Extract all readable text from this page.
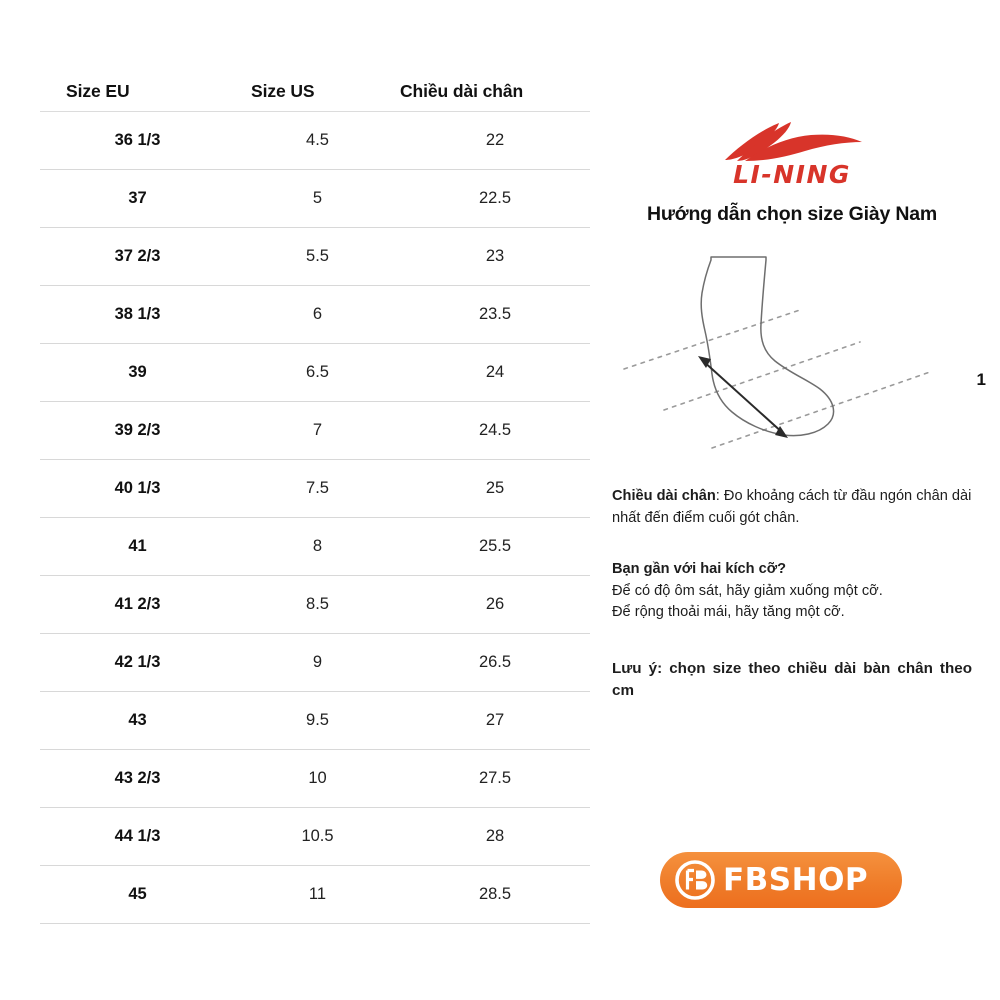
Size EU	Size US	Chiều dài chân
36 1/3	4.5	22
37	5	22.5
37 2/3	5.5	23
38 1/3	6	23.5
39	6.5	24
39 2/3	7	24.5
40 1/3	7.5	25
41	8	25.5
41 2/3	8.5	26
42 1/3	9	26.5
43	9.5	27
43 2/3	10	27.5
44 1/3	10.5	28
45	11	28.5
LI-NING
Hướng dẫn chọn size Giày Nam
1
Chiều dài chân: Đo khoảng cách từ đầu ngón chân dài nhất đến điểm cuối gót chân.
Bạn gần với hai kích cỡ?
Để có độ ôm sát, hãy giảm xuống một cỡ.
Để rộng thoải mái, hãy tăng một cỡ.
Lưu ý: chọn size theo chiều dài bàn chân theo cm
FBSHOP
